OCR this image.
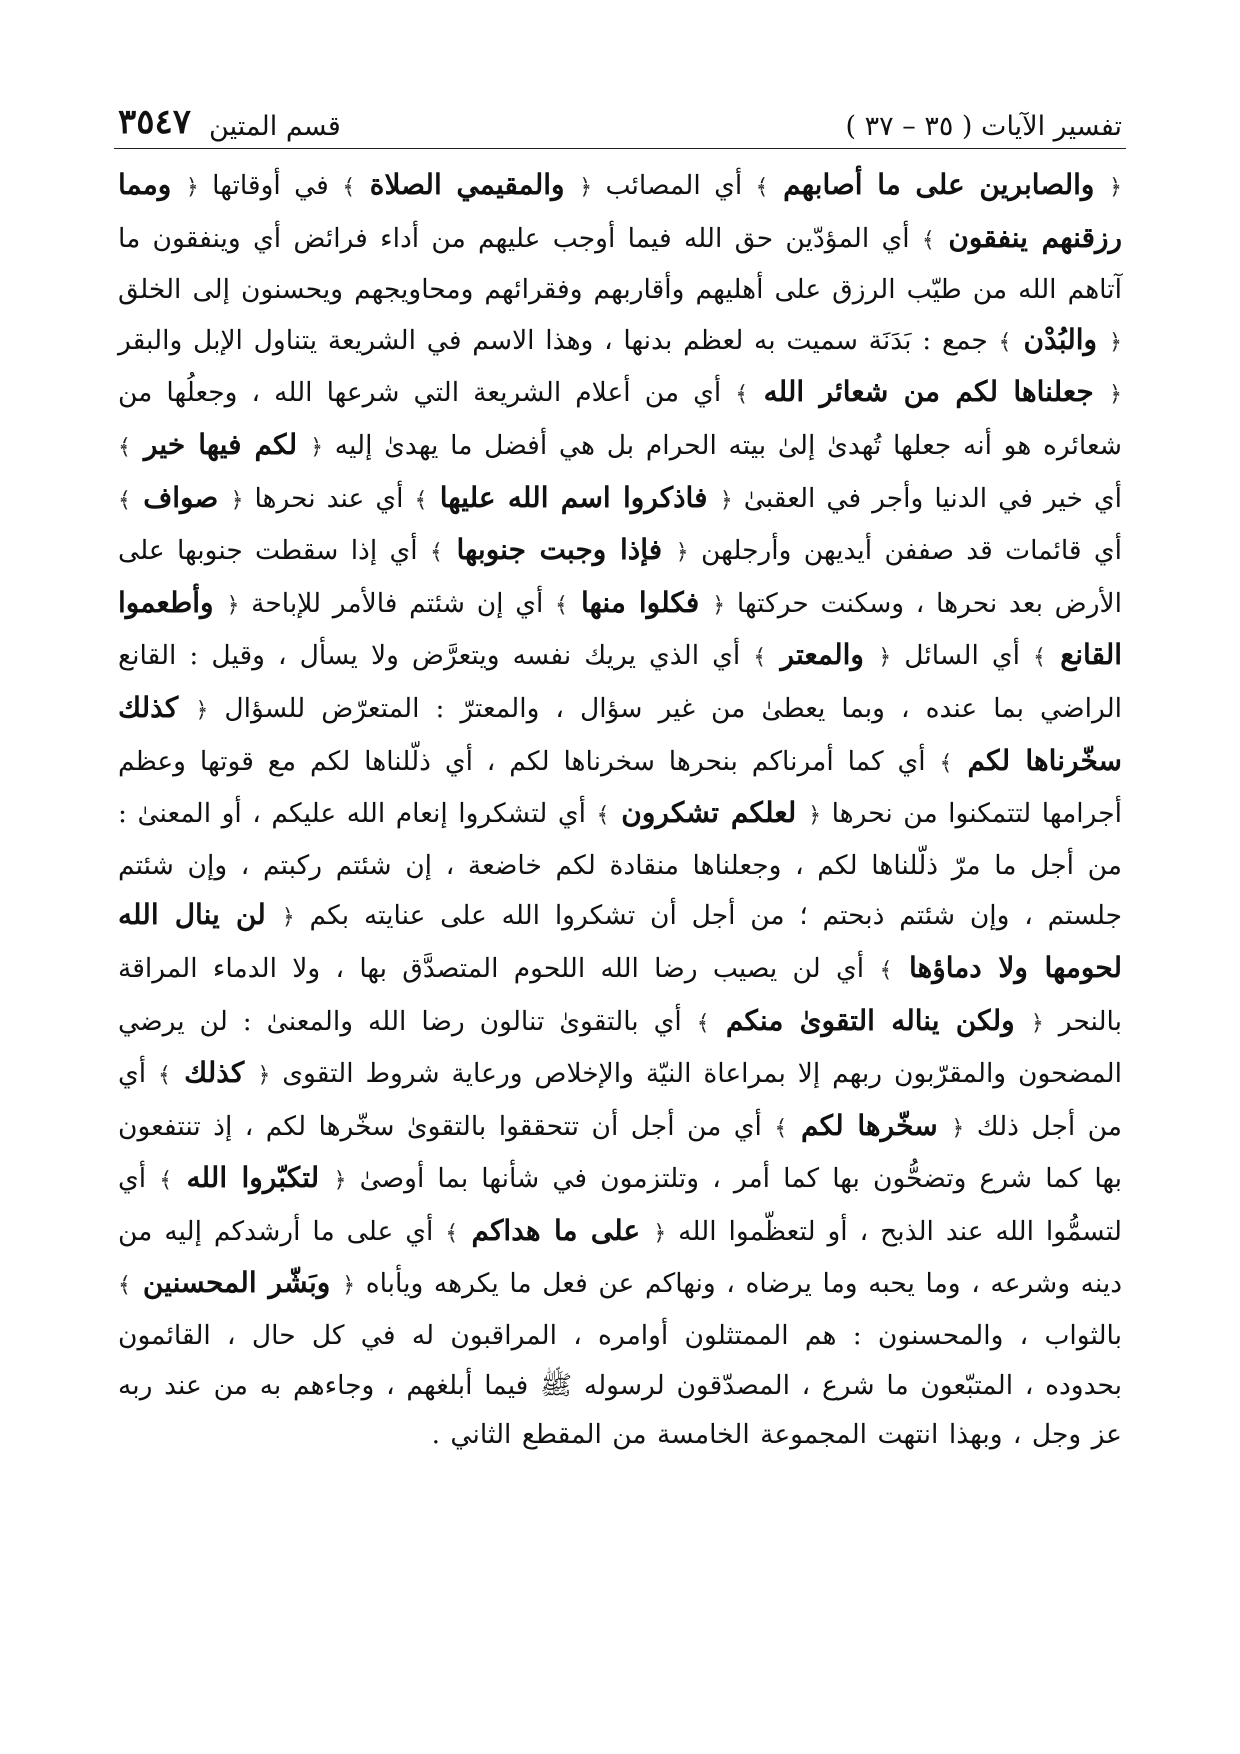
تفسير الآيات ( ٣٥ – ٣٧ )
قسم المتين
٣٥٤٧

﴿ والصابرين على ما أصابهم ﴾ أي المصائب ﴿ والمقيمي الصلاة ﴾ في أوقاتها ﴿ ومما رزقنهم ينفقون ﴾ أي المؤدّين حق الله فيما أوجب عليهم من أداء فرائض أي وينفقون ما آتاهم الله من طيّب الرزق على أهليهم وأقاربهم وفقرائهم ومحاويجهم ويحسنون إلى الخلق ﴿ والبُدْن ﴾ جمع : بَدَنَة سميت به لعظم بدنها ، وهذا الاسم في الشريعة يتناول الإبل والبقر ﴿ جعلناها لكم من شعائر الله ﴾ أي من أعلام الشريعة التي شرعها الله ، وجعلُها من شعائره هو أنه جعلها تُهدىٰ إلىٰ بيته الحرام بل هي أفضل ما يهدىٰ إليه ﴿ لكم فيها خير ﴾ أي خير في الدنيا وأجر في العقبىٰ ﴿ فاذكروا اسم الله عليها ﴾ أي عند نحرها ﴿ صواف ﴾ أي قائمات قد صففن أيديهن وأرجلهن ﴿ فإذا وجبت جنوبها ﴾ أي إذا سقطت جنوبها على الأرض بعد نحرها ، وسكنت حركتها ﴿ فكلوا منها ﴾ أي إن شئتم فالأمر للإباحة ﴿ وأطعموا القانع ﴾ أي السائل ﴿ والمعتر ﴾ أي الذي يريك نفسه ويتعرَّض ولا يسأل ، وقيل : القانع الراضي بما عنده ، وبما يعطىٰ من غير سؤال ، والمعترّ : المتعرّض للسؤال ﴿ كذلك سخّرناها لكم ﴾ أي كما أمرناكم بنحرها سخرناها لكم ، أي ذلّلناها لكم مع قوتها وعظم أجرامها لتتمكنوا من نحرها ﴿ لعلكم تشكرون ﴾ أي لتشكروا إنعام الله عليكم ، أو المعنىٰ : من أجل ما مرّ ذلّلناها لكم ، وجعلناها منقادة لكم خاضعة ، إن شئتم ركبتم ، وإن شئتم جلستم ، وإن شئتم ذبحتم ؛ من أجل أن تشكروا الله على عنايته بكم ﴿ لن ينال الله لحومها ولا دماؤها ﴾ أي لن يصيب رضا الله اللحوم المتصدَّق بها ، ولا الدماء المراقة بالنحر ﴿ ولكن يناله التقوىٰ منكم ﴾ أي بالتقوىٰ تنالون رضا الله والمعنىٰ : لن يرضي المضحون والمقرّبون ربهم إلا بمراعاة النيّة والإخلاص ورعاية شروط التقوى ﴿ كذلك ﴾ أي من أجل ذلك ﴿ سخّرها لكم ﴾ أي من أجل أن تتحققوا بالتقوىٰ سخّرها لكم ، إذ تنتفعون بها كما شرع وتضحُّون بها كما أمر ، وتلتزمون في شأنها بما أوصىٰ ﴿ لتكبّروا الله ﴾ أي لتسمُّوا الله عند الذبح ، أو لتعظّموا الله ﴿ على ما هداكم ﴾ أي على ما أرشدكم إليه من دينه وشرعه ، وما يحبه وما يرضاه ، ونهاكم عن فعل ما يكرهه ويأباه ﴿ وبَشّر المحسنين ﴾ بالثواب ، والمحسنون : هم الممتثلون أوامره ، المراقبون له في كل حال ، القائمون بحدوده ، المتبّعون ما شرع ، المصدّقون لرسوله ﷺ فيما أبلغهم ، وجاءهم به من عند ربه عز وجل ، وبهذا انتهت المجموعة الخامسة من المقطع الثاني .
